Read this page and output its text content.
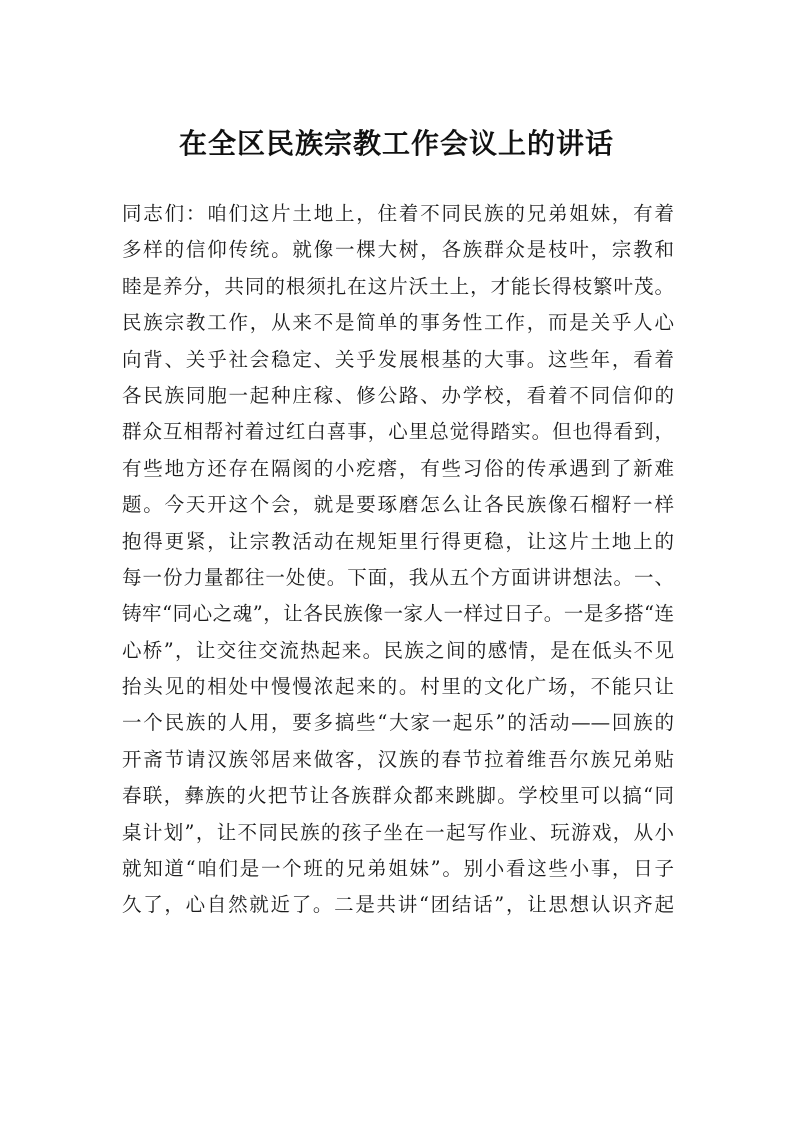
在全区民族宗教工作会议上的讲话
同志们：咱们这片土地上，住着不同民族的兄弟姐妹，有着
多样的信仰传统。就像一棵大树，各族群众是枝叶，宗教和
睦是养分，共同的根须扎在这片沃土上，才能长得枝繁叶茂。
民族宗教工作，从来不是简单的事务性工作，而是关乎人心
向背、关乎社会稳定、关乎发展根基的大事。这些年，看着
各民族同胞一起种庄稼、修公路、办学校，看着不同信仰的
群众互相帮衬着过红白喜事，心里总觉得踏实。但也得看到，
有些地方还存在隔阂的小疙瘩，有些习俗的传承遇到了新难
题。今天开这个会，就是要琢磨怎么让各民族像石榴籽一样
抱得更紧，让宗教活动在规矩里行得更稳，让这片土地上的
每一份力量都往一处使。下面，我从五个方面讲讲想法。一、
铸牢“同心之魂”，让各民族像一家人一样过日子。一是多搭“连
心桥”，让交往交流热起来。民族之间的感情，是在低头不见
抬头见的相处中慢慢浓起来的。村里的文化广场，不能只让
一个民族的人用，要多搞些“大家一起乐”的活动——回族的
开斋节请汉族邻居来做客，汉族的春节拉着维吾尔族兄弟贴
春联，彝族的火把节让各族群众都来跳脚。学校里可以搞“同
桌计划”，让不同民族的孩子坐在一起写作业、玩游戏，从小
就知道“咱们是一个班的兄弟姐妹”。别小看这些小事，日子
久了，心自然就近了。二是共讲“团结话”，让思想认识齐起
